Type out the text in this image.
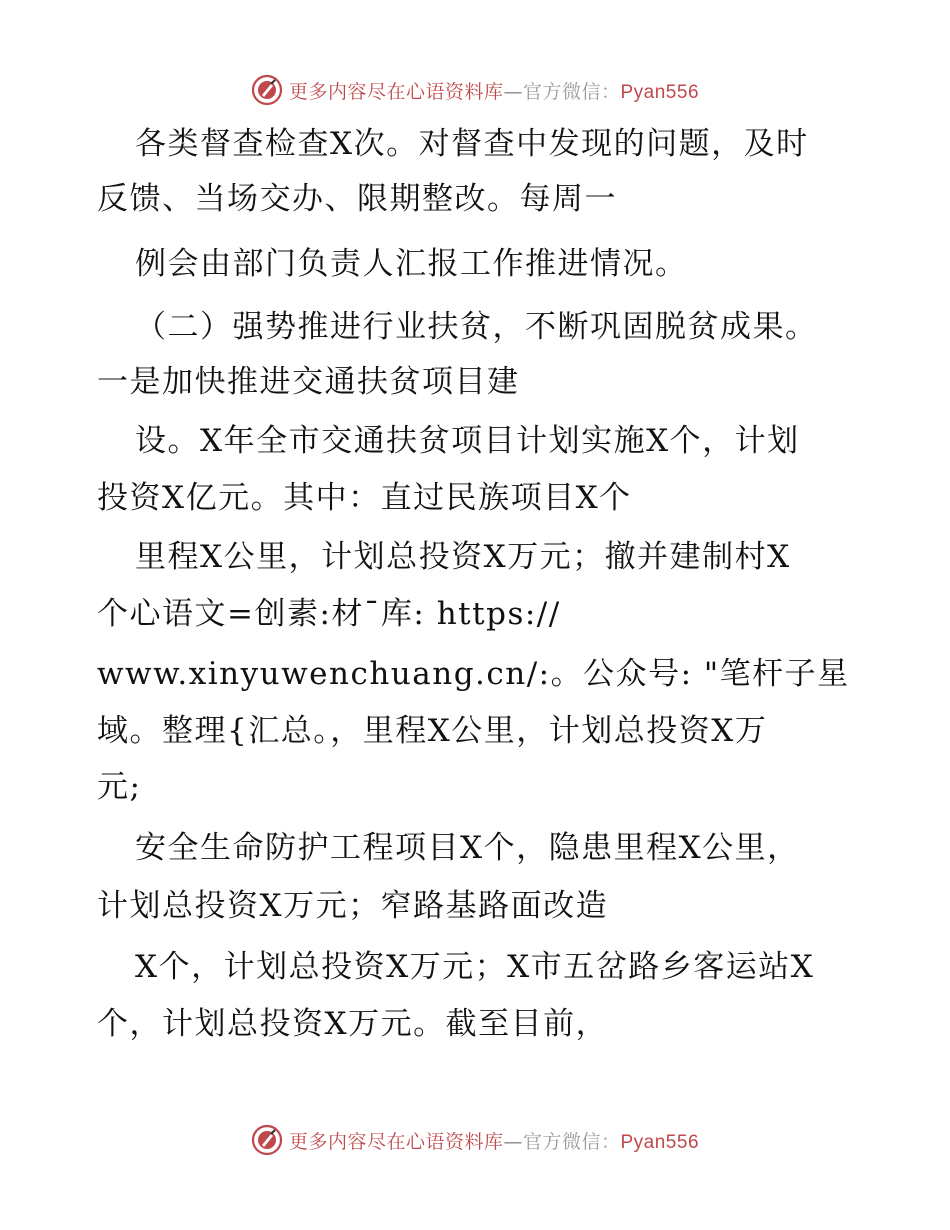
更多内容尽在心语资料库—官方微信：Pyan556
各类督查检查X次。对督查中发现的问题，及时
反馈、当场交办、限期整改。每周一
例会由部门负责人汇报工作推进情况。
（二）强势推进行业扶贫，不断巩固脱贫成果。
一是加快推进交通扶贫项目建
设。X年全市交通扶贫项目计划实施X个，计划
投资X亿元。其中：直过民族项目X个
里程X公里，计划总投资X万元；撤并建制村X
个心语文=创素:材¯库: https://
www.xinyuwenchuang.cn/:。公众号: "笔杆子星
域。整理{汇总。，里程X公里，计划总投资X万
元;
安全生命防护工程项目X个，隐患里程X公里，
计划总投资X万元；窄路基路面改造
X个，计划总投资X万元；X市五岔路乡客运站X
个，计划总投资X万元。截至目前，
更多内容尽在心语资料库—官方微信：Pyan556
